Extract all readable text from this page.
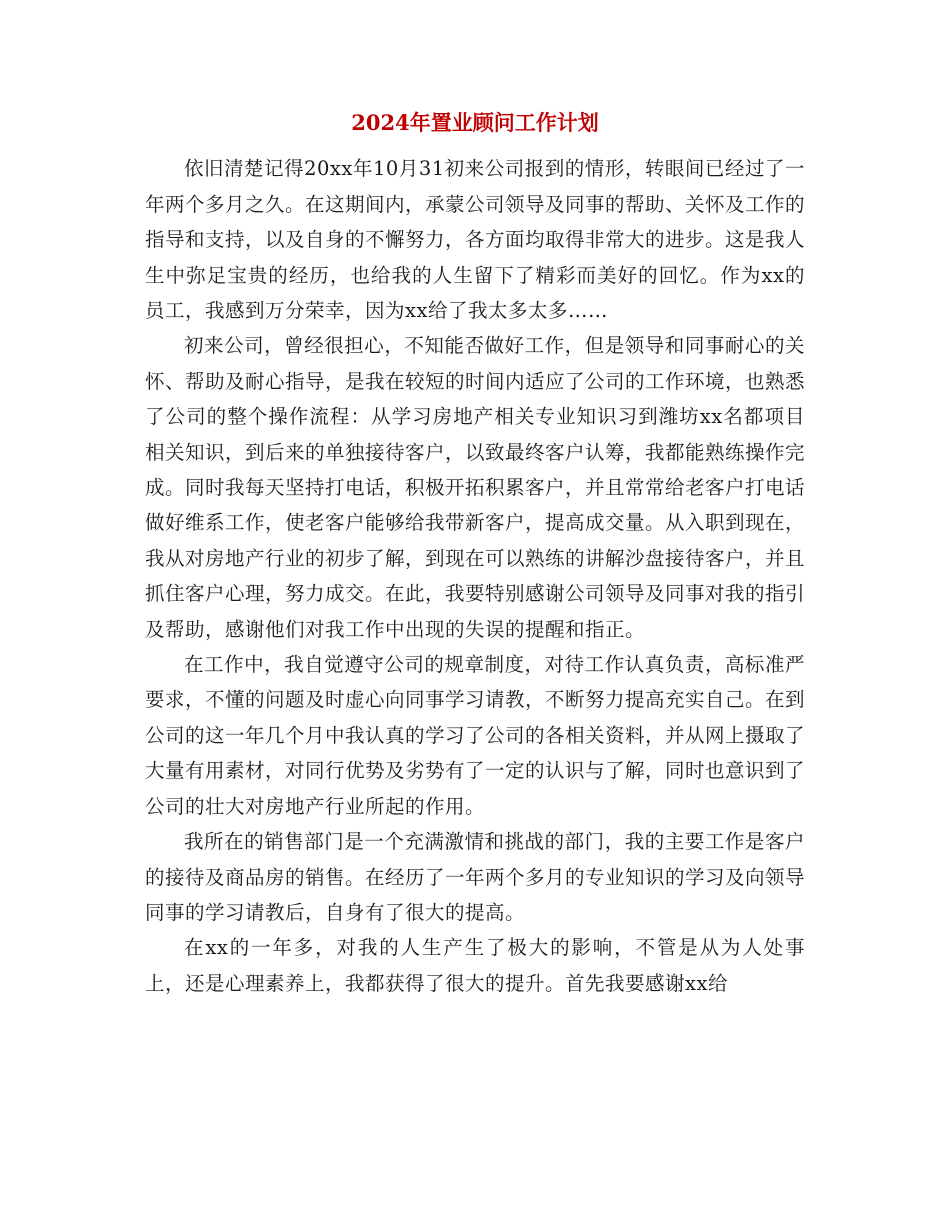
2024年置业顾问工作计划

依旧清楚记得20xx年10月31初来公司报到的情形，转眼间已经过了一年两个多月之久。在这期间内，承蒙公司领导及同事的帮助、关怀及工作的指导和支持，以及自身的不懈努力，各方面均取得非常大的进步。这是我人生中弥足宝贵的经历，也给我的人生留下了精彩而美好的回忆。作为xx的员工，我感到万分荣幸，因为xx给了我太多太多……

初来公司，曾经很担心，不知能否做好工作，但是领导和同事耐心的关怀、帮助及耐心指导，是我在较短的时间内适应了公司的工作环境，也熟悉了公司的整个操作流程：从学习房地产相关专业知识习到潍坊xx名都项目相关知识，到后来的单独接待客户，以致最终客户认筹，我都能熟练操作完成。同时我每天坚持打电话，积极开拓积累客户，并且常常给老客户打电话做好维系工作，使老客户能够给我带新客户，提高成交量。从入职到现在，我从对房地产行业的初步了解，到现在可以熟练的讲解沙盘接待客户，并且抓住客户心理，努力成交。在此，我要特别感谢公司领导及同事对我的指引及帮助，感谢他们对我工作中出现的失误的提醒和指正。

在工作中，我自觉遵守公司的规章制度，对待工作认真负责，高标准严要求，不懂的问题及时虚心向同事学习请教，不断努力提高充实自己。在到公司的这一年几个月中我认真的学习了公司的各相关资料，并从网上摄取了大量有用素材，对同行优势及劣势有了一定的认识与了解，同时也意识到了公司的壮大对房地产行业所起的作用。

我所在的销售部门是一个充满激情和挑战的部门，我的主要工作是客户的接待及商品房的销售。在经历了一年两个多月的专业知识的学习及向领导同事的学习请教后，自身有了很大的提高。

在xx的一年多，对我的人生产生了极大的影响，不管是从为人处事上，还是心理素养上，我都获得了很大的提升。首先我要感谢xx给
